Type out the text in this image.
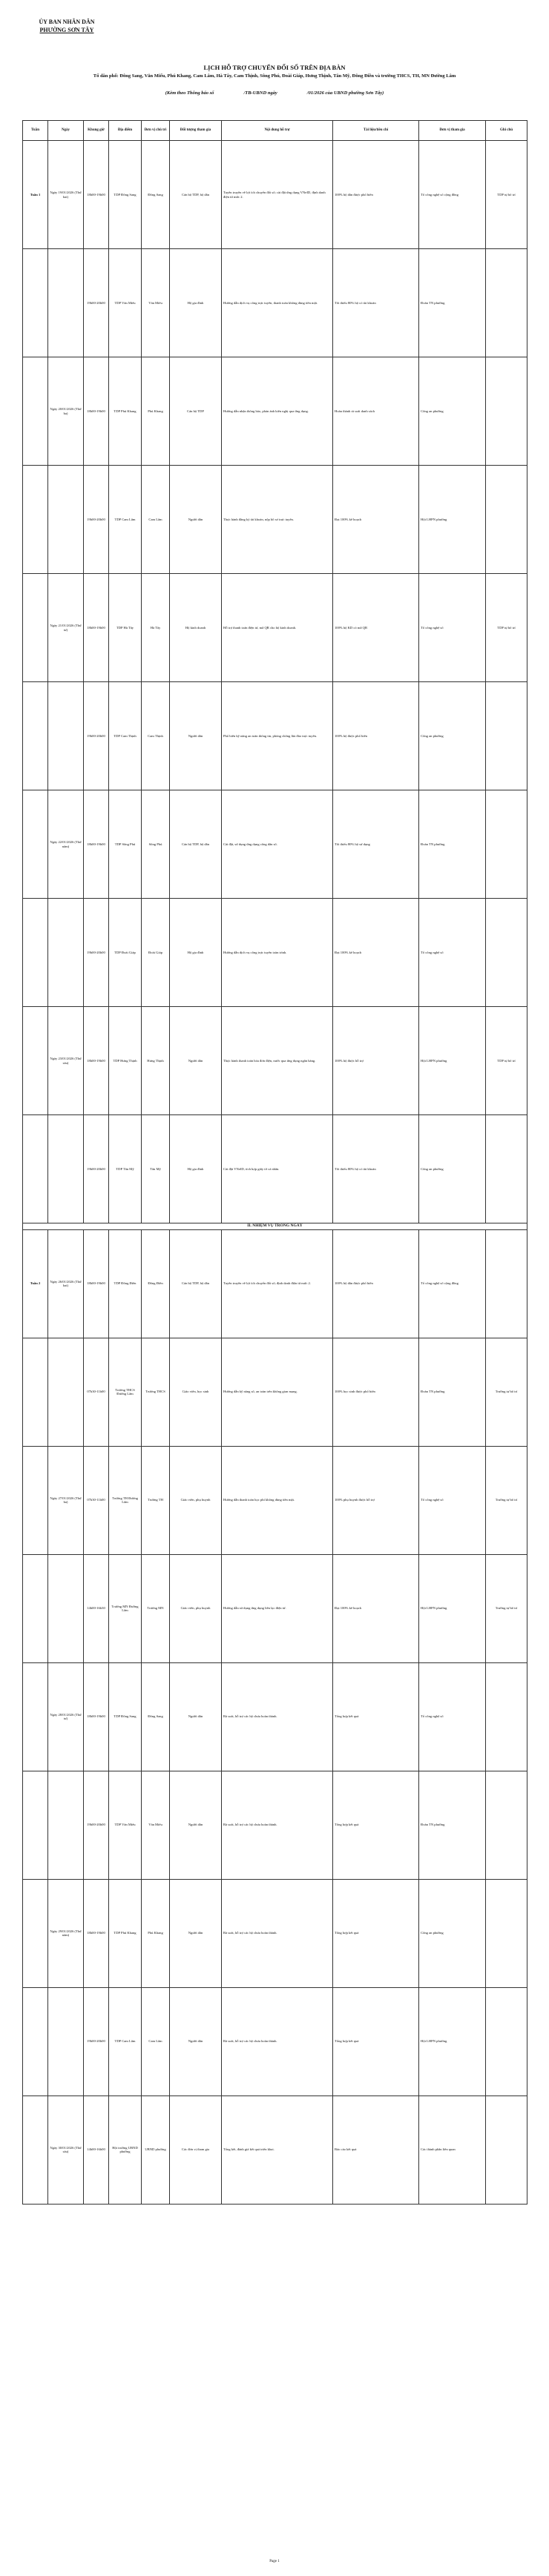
ỦY BAN NHÂN DÂN
PHƯỜNG SƠN TÂY
LỊCH HỖ TRỢ CHUYỂN ĐỔI SỐ TRÊN ĐỊA BÀN
Tổ dân phố: Đông Sang, Văn Miếu, Phú Khang, Cam Lâm, Hà Tây, Cam Thịnh, Sông Phú, Đoài Giáp, Hưng Thịnh, Tân Mỹ, Đông Điền và trường THCS, TH, MN Đường Lâm
(Kèm theo Thông báo số	/TB-UBND ngày	/01/2026 của UBND phường Sơn Tây)
Tuần	Ngày	Khung giờ	Địa điểm	Đơn vị chủ trì	Đối tượng tham gia	Nội dung hỗ trợ	Tài liệu/tiêu chí	Đơn vị tham gia	Ghi chú
Tuần 1	Ngày 19/01/2026 (Thứ hai)	18h00-19h00	TDP Đông Sang	Đông Sang	Cán bộ TDP, hộ dân	Tuyên truyền về lợi ích chuyển đổi số; cài đặt ứng dụng VNeID, định danh điện tử mức 2.	100% hộ dân được phổ biến	Tổ công nghệ số cộng đồng	TDP tự bố trí
		19h00-20h00	TDP Văn Miếu	Văn Miếu	Hộ gia đình	Hướng dẫn dịch vụ công trực tuyến, thanh toán không dùng tiền mặt.	Tối thiểu 80% hộ có tài khoản	Đoàn TN phường	
	Ngày 20/01/2026 (Thứ ba)	18h00-19h00	TDP Phú Khang	Phú Khang	Cán bộ TDP	Hướng dẫn nhận thông báo, phản ánh kiến nghị qua ứng dụng.	Hoàn thành rà soát danh sách	Công an phường	
		19h00-20h00	TDP Cam Lâm	Cam Lâm	Người dân	Thực hành đăng ký tài khoản, nộp hồ sơ trực tuyến.	Đạt 100% kế hoạch	Hội LHPN phường	
	Ngày 21/01/2026 (Thứ tư)	18h00-19h00	TDP Hà Tây	Hà Tây	Hộ kinh doanh	Hỗ trợ thanh toán điện tử, mã QR cho hộ kinh doanh.	100% hộ KD có mã QR	Tổ công nghệ số	TDP tự bố trí
		19h00-20h00	TDP Cam Thịnh	Cam Thịnh	Người dân	Phổ biến kỹ năng an toàn thông tin, phòng chống lừa đảo trực tuyến.	100% hộ được phổ biến	Công an phường	
	Ngày 22/01/2026 (Thứ năm)	18h00-19h00	TDP Sông Phú	Sông Phú	Cán bộ TDP, hộ dân	Cài đặt, sử dụng ứng dụng công dân số.	Tối thiểu 80% hộ sử dụng	Đoàn TN phường	
		19h00-20h00	TDP Đoài Giáp	Đoài Giáp	Hộ gia đình	Hướng dẫn dịch vụ công trực tuyến toàn trình.	Đạt 100% kế hoạch	Tổ công nghệ số	
	Ngày 23/01/2026 (Thứ sáu)	18h00-19h00	TDP Hưng Thịnh	Hưng Thịnh	Người dân	Thực hành thanh toán hóa đơn điện, nước qua ứng dụng ngân hàng.	100% hộ được hỗ trợ	Hội LHPN phường	TDP tự bố trí
		19h00-20h00	TDP Tân Mỹ	Tân Mỹ	Hộ gia đình	Cài đặt VNeID, tích hợp giấy tờ cá nhân.	Tối thiểu 80% hộ có tài khoản	Công an phường	
II. NHIỆM VỤ TRONG NGÀY									
Tuần 2	Ngày 26/01/2026 (Thứ hai)	18h00-19h00	TDP Đông Điền	Đông Điền	Cán bộ TDP, hộ dân	Tuyên truyền về lợi ích chuyển đổi số; định danh điện tử mức 2.	100% hộ dân được phổ biến	Tổ công nghệ số cộng đồng	
		07h30-11h00	Trường THCS Đường Lâm	Trường THCS	Giáo viên, học sinh	Hướng dẫn kỹ năng số, an toàn trên không gian mạng.	100% học sinh được phổ biến	Đoàn TN phường	Trường tự bố trí
	Ngày 27/01/2026 (Thứ ba)	07h30-11h00	Trường TH Đường Lâm	Trường TH	Giáo viên, phụ huynh	Hướng dẫn thanh toán học phí không dùng tiền mặt.	100% phụ huynh được hỗ trợ	Tổ công nghệ số	Trường tự bố trí
		14h00-16h30	Trường MN Đường Lâm	Trường MN	Giáo viên, phụ huynh	Hướng dẫn sử dụng ứng dụng liên lạc điện tử.	Đạt 100% kế hoạch	Hội LHPN phường	Trường tự bố trí
	Ngày 28/01/2026 (Thứ tư)	18h00-19h00	TDP Đông Sang	Đông Sang	Người dân	Rà soát, hỗ trợ các hộ chưa hoàn thành.	Tổng hợp kết quả	Tổ công nghệ số	
		19h00-20h00	TDP Văn Miếu	Văn Miếu	Người dân	Rà soát, hỗ trợ các hộ chưa hoàn thành.	Tổng hợp kết quả	Đoàn TN phường	
	Ngày 29/01/2026 (Thứ năm)	18h00-19h00	TDP Phú Khang	Phú Khang	Người dân	Rà soát, hỗ trợ các hộ chưa hoàn thành.	Tổng hợp kết quả	Công an phường	
		19h00-20h00	TDP Cam Lâm	Cam Lâm	Người dân	Rà soát, hỗ trợ các hộ chưa hoàn thành.	Tổng hợp kết quả	Hội LHPN phường	
	Ngày 30/01/2026 (Thứ sáu)	14h00-16h00	Hội trường UBND phường	UBND phường	Các đơn vị tham gia	Tổng kết, đánh giá kết quả triển khai.	Báo cáo kết quả	Các thành phần liên quan	
Page 1
